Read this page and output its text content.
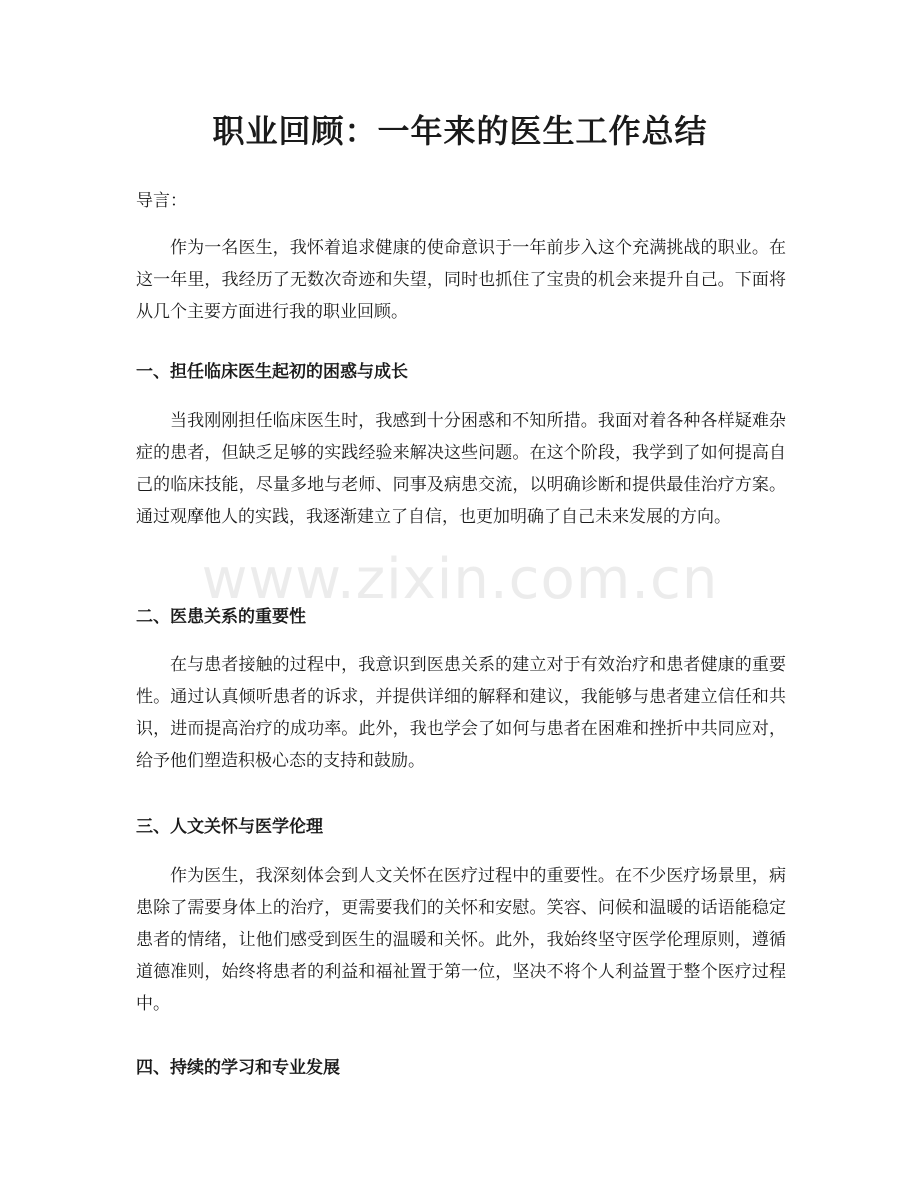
职业回顾：一年来的医生工作总结

导言：

作为一名医生，我怀着追求健康的使命意识于一年前步入这个充满挑战的职业。在这一年里，我经历了无数次奇迹和失望，同时也抓住了宝贵的机会来提升自己。下面将从几个主要方面进行我的职业回顾。

一、担任临床医生起初的困惑与成长

当我刚刚担任临床医生时，我感到十分困惑和不知所措。我面对着各种各样疑难杂症的患者，但缺乏足够的实践经验来解决这些问题。在这个阶段，我学到了如何提高自己的临床技能，尽量多地与老师、同事及病患交流，以明确诊断和提供最佳治疗方案。通过观摩他人的实践，我逐渐建立了自信，也更加明确了自己未来发展的方向。

二、医患关系的重要性

在与患者接触的过程中，我意识到医患关系的建立对于有效治疗和患者健康的重要性。通过认真倾听患者的诉求，并提供详细的解释和建议，我能够与患者建立信任和共识，进而提高治疗的成功率。此外，我也学会了如何与患者在困难和挫折中共同应对，给予他们塑造积极心态的支持和鼓励。

三、人文关怀与医学伦理

作为医生，我深刻体会到人文关怀在医疗过程中的重要性。在不少医疗场景里，病患除了需要身体上的治疗，更需要我们的关怀和安慰。笑容、问候和温暖的话语能稳定患者的情绪，让他们感受到医生的温暖和关怀。此外，我始终坚守医学伦理原则，遵循道德准则，始终将患者的利益和福祉置于第一位，坚决不将个人利益置于整个医疗过程中。

四、持续的学习和专业发展
www.zixin.com.cn
